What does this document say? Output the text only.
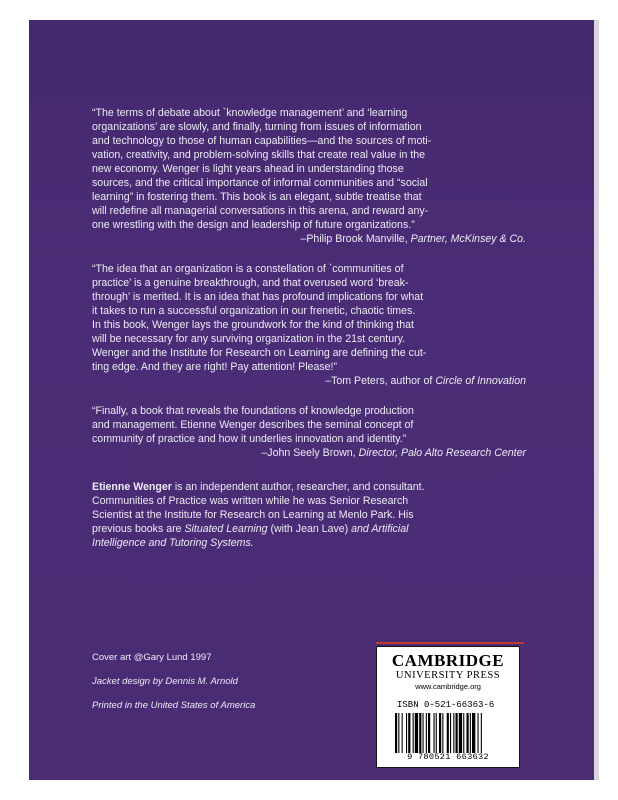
“The terms of debate about `knowledge management’ and ‘learning
organizations’ are slowly, and finally, turning from issues of information
and technology to those of human capabilities—and the sources of moti-
vation, creativity, and problem-solving skills that create real value in the
new economy. Wenger is light years ahead in understanding those
sources, and the critical importance of informal communities and “social
learning” in fostering them. This book is an elegant, subtle treatise that
will redefine all managerial conversations in this arena, and reward any-
one wrestling with the design and leadership of future organizations.”
–Philip Brook Manville, Partner, McKinsey & Co.
“The idea that an organization is a constellation of `communities of
practice’ is a genuine breakthrough, and that overused word ‘break-
through’ is merited. It is an idea that has profound implications for what
it takes to run a successful organization in our frenetic, chaotic times.
In this book, Wenger lays the groundwork for the kind of thinking that
will be necessary for any surviving organization in the 21st century.
Wenger and the Institute for Research on Learning are defining the cut-
ting edge. And they are right! Pay attention! Please!”
–Tom Peters, author of Circle of Innovation
“Finally, a book that reveals the foundations of knowledge production
and management. Etienne Wenger describes the seminal concept of
community of practice and how it underlies innovation and identity.”
–John Seely Brown, Director, Palo Alto Research Center
Etienne Wenger is an independent author, researcher, and consultant.
Communities of Practice was written while he was Senior Research
Scientist at the Institute for Research on Learning at Menlo Park. His
previous books are Situated Learning (with Jean Lave) and Artificial
Intelligence and Tutoring Systems.
Cover art @Gary Lund 1997
Jacket design by Dennis M. Arnold
Printed in the United States of America
CAMBRIDGE
UNIVERSITY PRESS
www.cambridge.org
ISBN 0-521-66363-6
9 780521 663632
